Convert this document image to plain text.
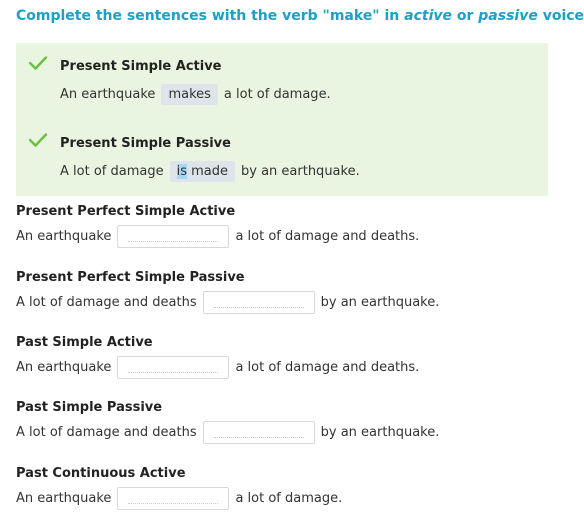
Complete the sentences with the verb "make" in active or passive voice
Present Simple Active
An earthquake	makes	a lot of damage.
Present Simple Passive
A lot of damage	is made	by an earthquake.
Present Perfect Simple Active
An earthquake	a lot of damage and deaths.
Present Perfect Simple Passive
A lot of damage and deaths	by an earthquake.
Past Simple Active
An earthquake	a lot of damage and deaths.
Past Simple Passive
A lot of damage and deaths	by an earthquake.
Past Continuous Active
An earthquake	a lot of damage.
